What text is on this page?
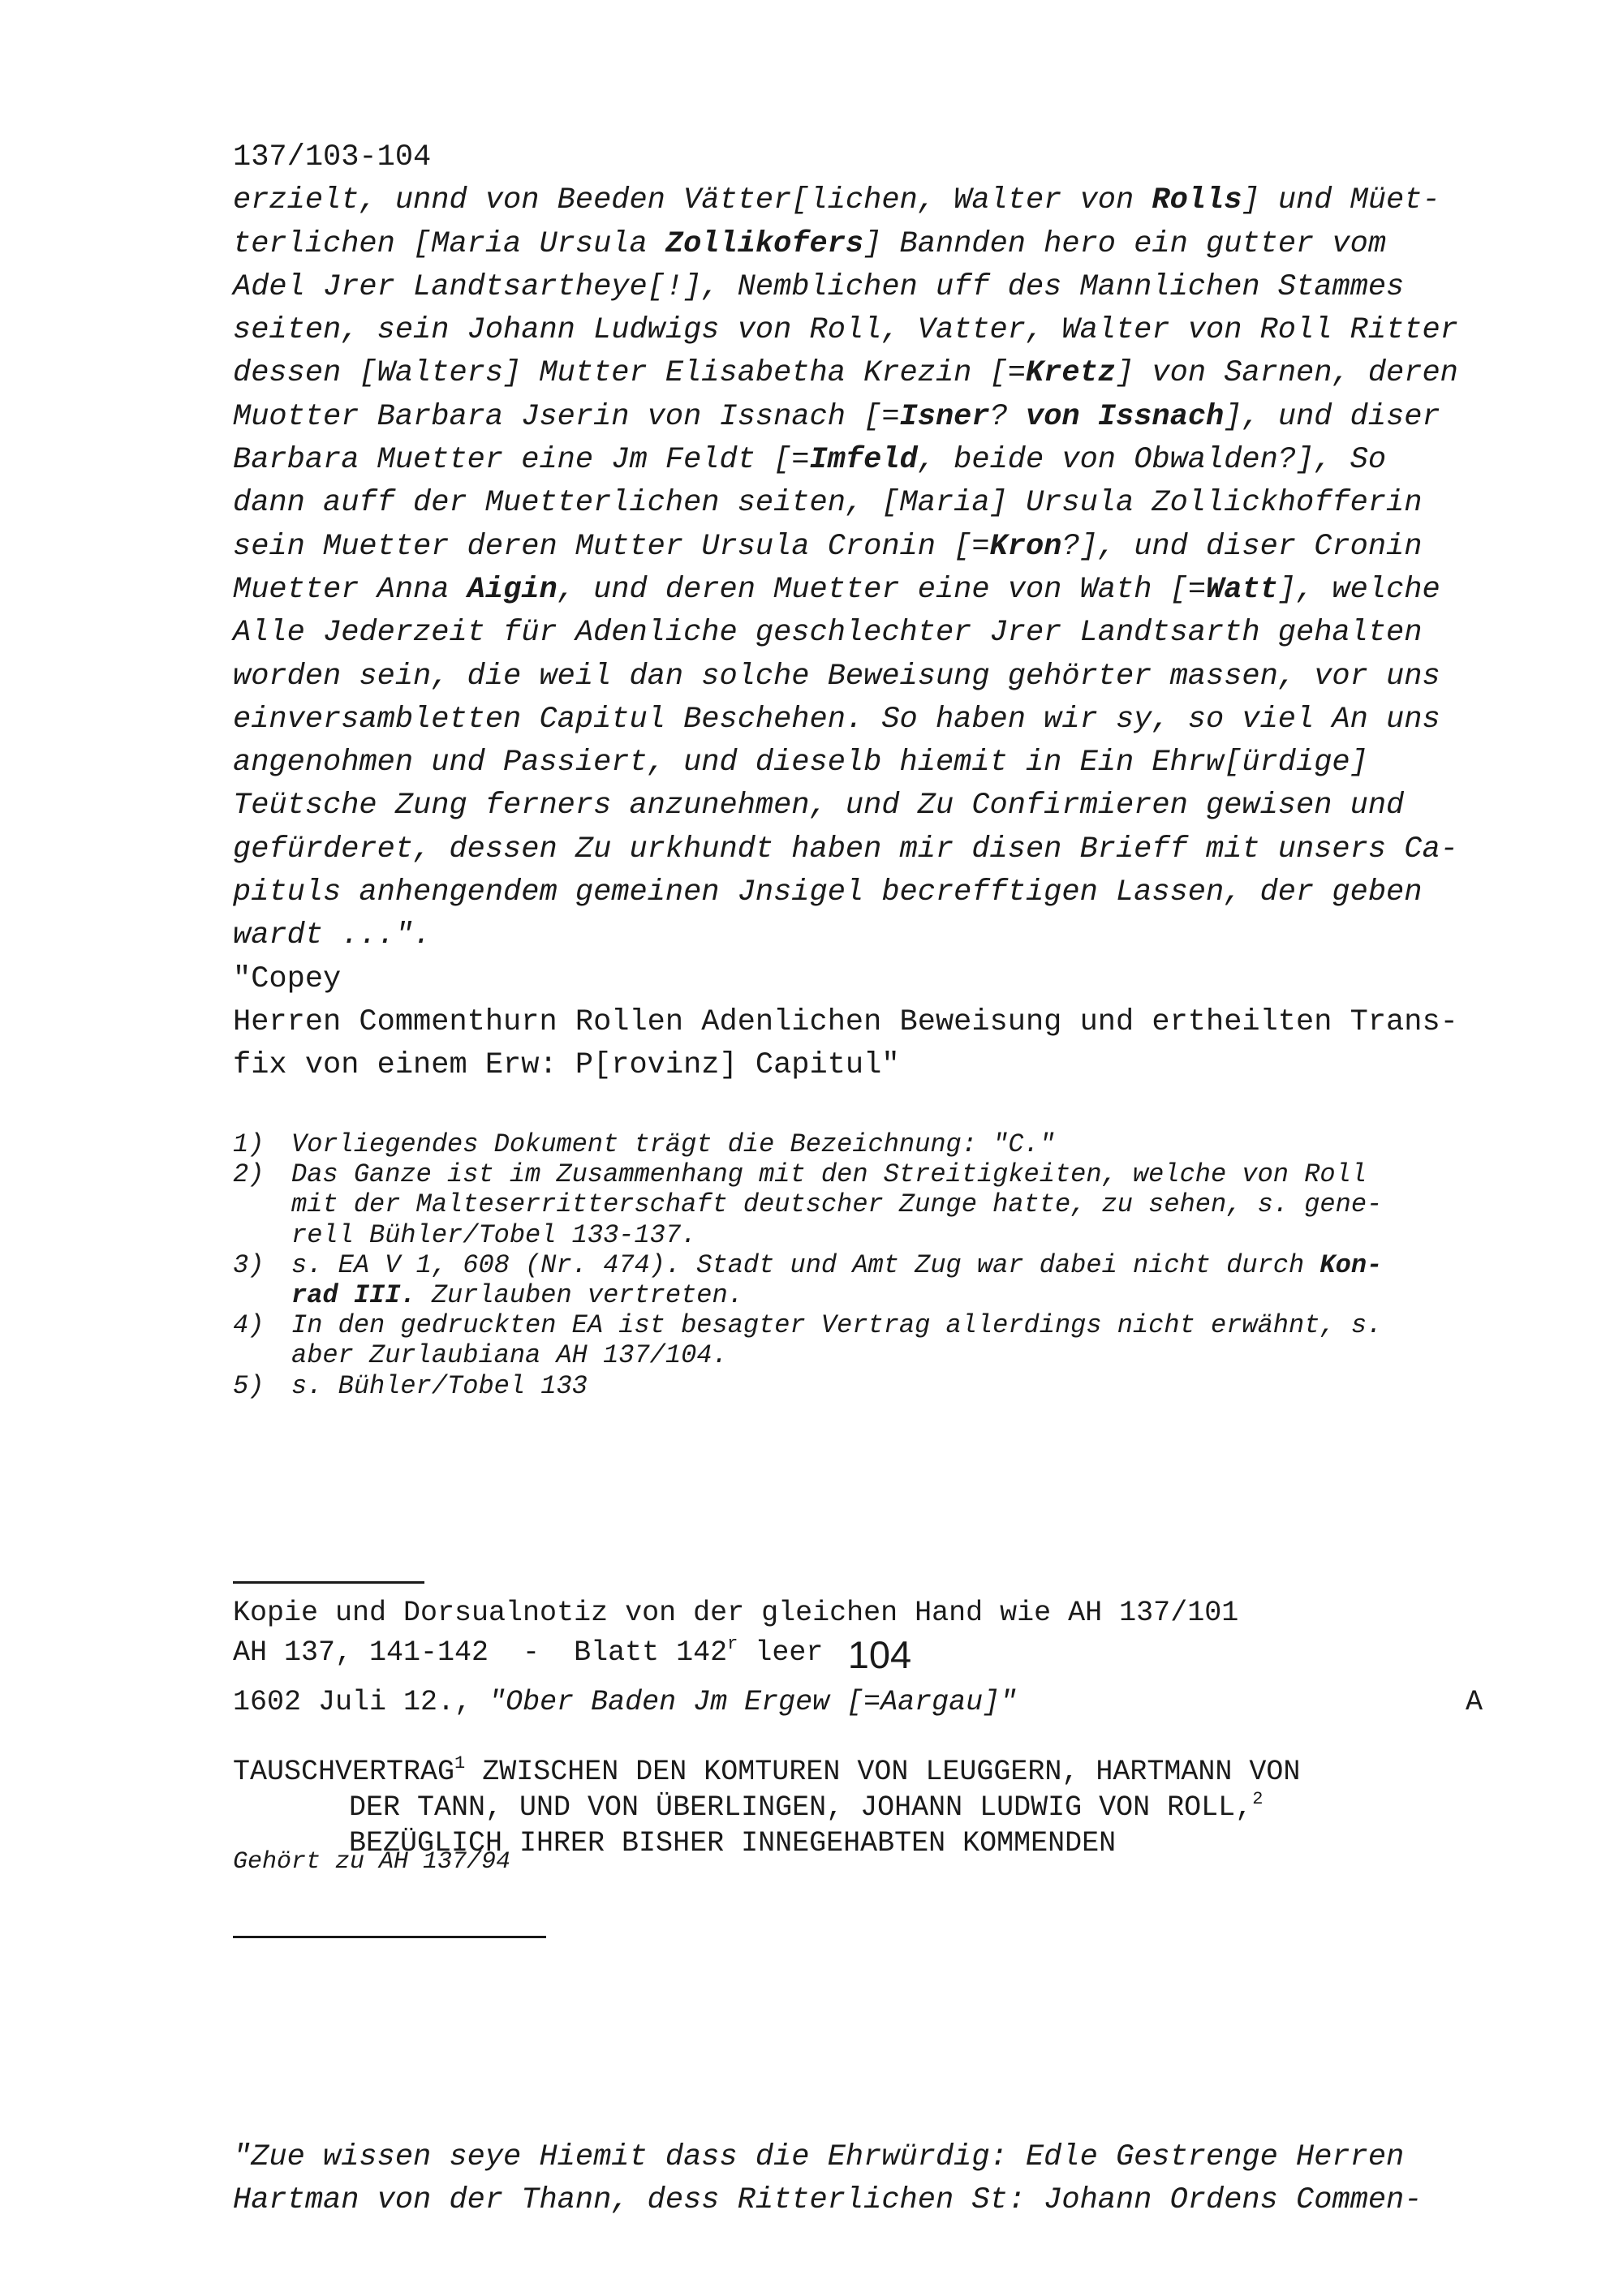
137/103-104
erzielt, unnd von Beeden Vätter[lichen, Walter von Rolls] und Müet-
terlichen [Maria Ursula Zollikofers] Bannden hero ein gutter vom
Adel Jrer Landtsartheye[!], Nemblichen uff des Mannlichen Stammes
seiten, sein Johann Ludwigs von Roll, Vatter, Walter von Roll Ritter
dessen [Walters] Mutter Elisabetha Krezin [=Kretz] von Sarnen, deren
Muotter Barbara Jserin von Issnach [=Isner? von Issnach], und diser
Barbara Muetter eine Jm Feldt [=Imfeld, beide von Obwalden?], So
dann auff der Muetterlichen seiten, [Maria] Ursula Zollickhofferin
sein Muetter deren Mutter Ursula Cronin [=Kron?], und diser Cronin
Muetter Anna Aigin, und deren Muetter eine von Wath [=Watt], welche
Alle Jederzeit für Adenliche geschlechter Jrer Landtsarth gehalten
worden sein, die weil dan solche Beweisung gehörter massen, vor uns
einversambletten Capitul Beschehen. So haben wir sy, so viel An uns
angenohmen und Passiert, und dieselb hiemit in Ein Ehrw[ürdige]
Teütsche Zung ferners anzunehmen, und Zu Confirmieren gewisen und
gefürderet, dessen Zu urkhundt haben mir disen Brieff mit unsers Ca-
pituls anhengendem gemeinen Jnsigel becrefftigen Lassen, der geben
wardt ...".
"Copey
Herren Commenthurn Rollen Adenlichen Beweisung und ertheilten Trans-
fix von einem Erw: P[rovinz] Capitul"
1)	Vorliegendes Dokument trägt die Bezeichnung: "C."
2)	Das Ganze ist im Zusammenhang mit den Streitigkeiten, welche von Roll
mit der Malteserritterschaft deutscher Zunge hatte, zu sehen, s. gene-
rell Bühler/Tobel 133-137.
3)	s. EA V 1, 608 (Nr. 474). Stadt und Amt Zug war dabei nicht durch Kon-
rad III. Zurlauben vertreten.
4)	In den gedruckten EA ist besagter Vertrag allerdings nicht erwähnt, s.
aber Zurlaubiana AH 137/104.
5)	s. Bühler/Tobel 133
Kopie und Dorsualnotiz von der gleichen Hand wie AH 137/101
AH 137, 141-142  -  Blatt 142$^r$ leer 104
1602 Juli 12., "Ober Baden Jm Ergew [=Aargau]"	A
TAUSCHVERTRAG$^1$ ZWISCHEN DEN KOMTUREN VON LEUGGERN, HARTMANN VON
DER TANN, UND VON ÜBERLINGEN, JOHANN LUDWIG VON ROLL,$^2$
BEZÜGLICH IHRER BISHER INNEGEHABTEN KOMMENDEN
Gehört zu AH 137/94
"Zue wissen seye Hiemit dass die Ehrwürdig: Edle Gestrenge Herren
Hartman von der Thann, dess Ritterlichen St: Johann Ordens Commen-
